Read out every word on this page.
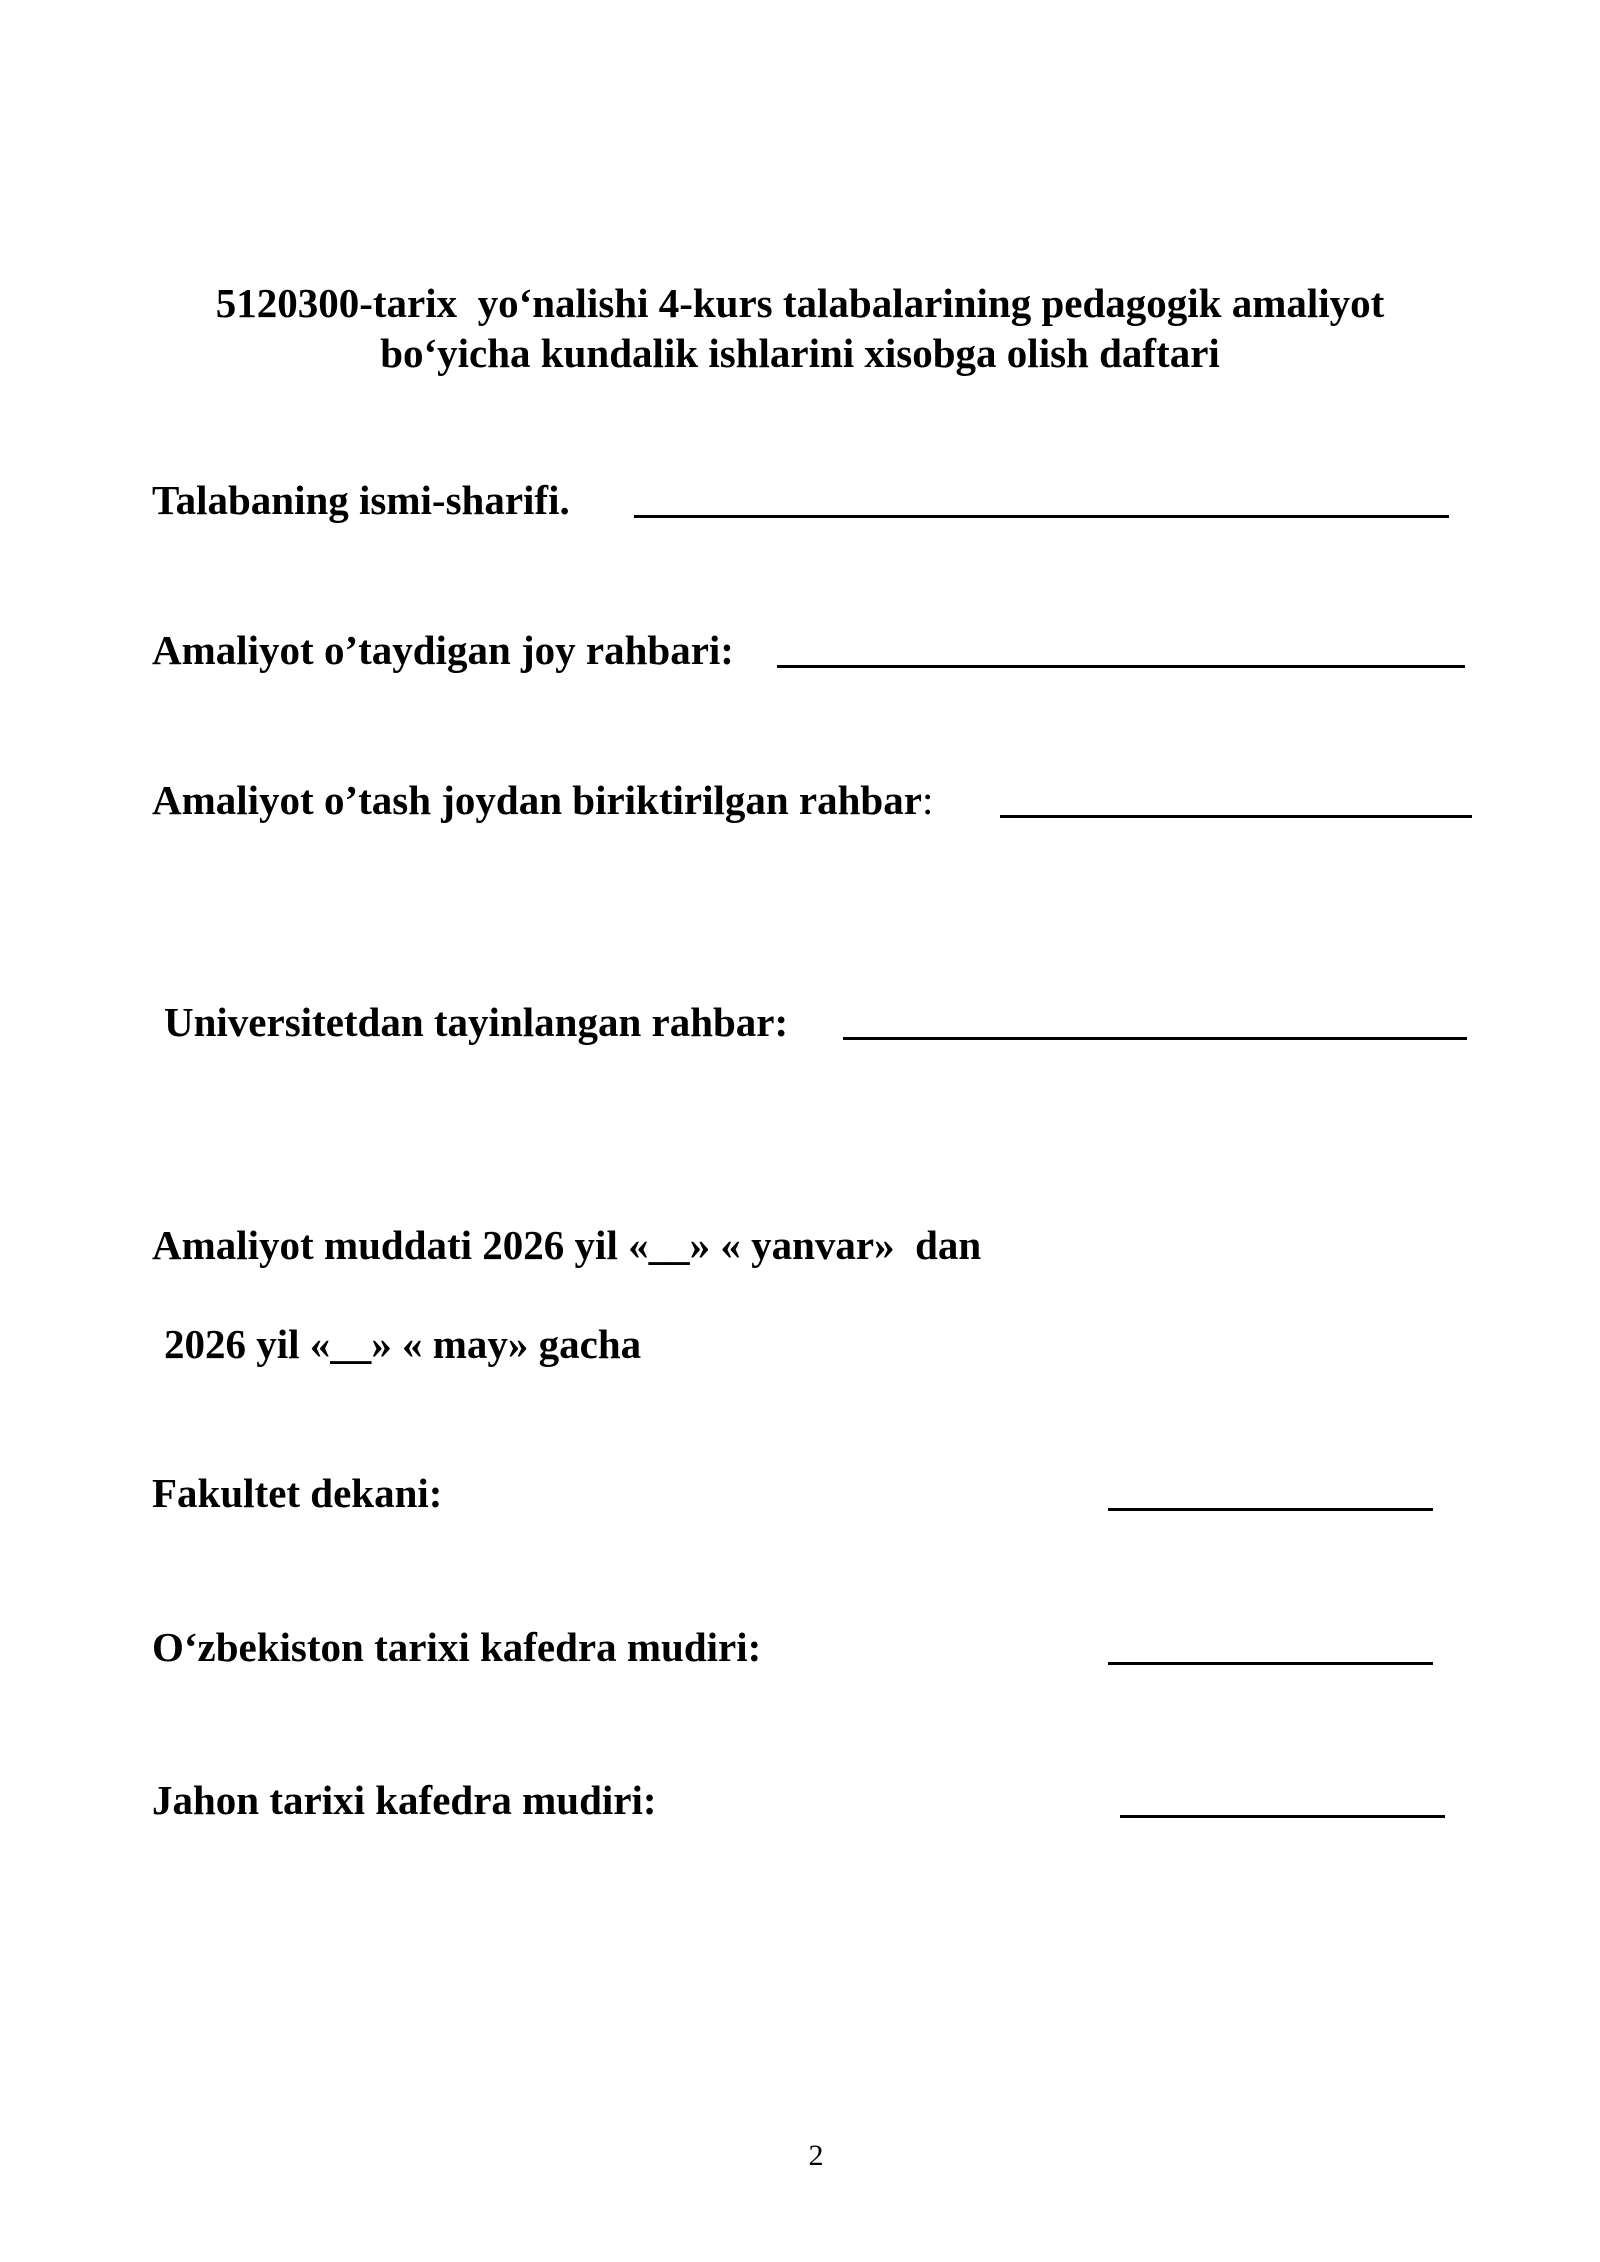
5120300-tarix  yo‘nalishi 4-kurs talabalarining pedagogik amaliyot
bo‘yicha kundalik ishlarini xisobga olish daftari
Talabaning ismi-sharifi.
Amaliyot o’taydigan joy rahbari:
Amaliyot o’tash joydan biriktirilgan rahbar:
Universitetdan tayinlangan rahbar:
Amaliyot muddati 2026 yil «__» « yanvar»  dan
2026 yil «__» « may» gacha
Fakultet dekani:
O‘zbekiston tarixi kafedra mudiri:
Jahon tarixi kafedra mudiri:
2
